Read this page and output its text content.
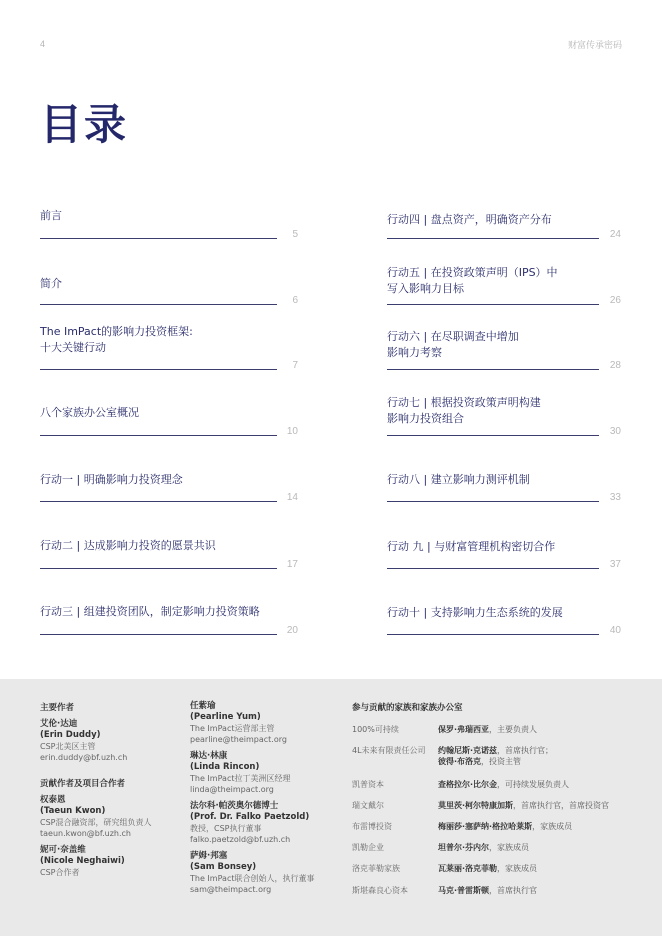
4	财富传承密码
目录
前言
5
简介
6
The ImPact的影响力投资框架:
十大关键行动
7
八个家族办公室概况
10
行动一 | 明确影响力投资理念
14
行动二 | 达成影响力投资的愿景共识
17
行动三 | 组建投资团队，制定影响力投资策略
20
行动四 | 盘点资产，明确资产分布
24
行动五 | 在投资政策声明（IPS）中
写入影响力目标
26
行动六 | 在尽职调查中增加
影响力考察
28
行动七 | 根据投资政策声明构建
影响力投资组合
30
行动八 | 建立影响力测评机制
33
行动 九 | 与财富管理机构密切合作
37
行动十 | 支持影响力生态系统的发展
40
主要作者
艾伦·达迪
(Erin Duddy)
CSP北美区主管
erin.duddy@bf.uzh.ch
贡献作者及项目合作者
权泰恩
(Taeun Kwon)
CSP混合融资部，研究组负责人
taeun.kwon@bf.uzh.ch
妮可·奈盖维
(Nicole Neghaiwi)
CSP合作者
任紫瑜
(Pearline Yum)
The ImPact运营部主管
pearline@theimpact.org
琳达·林康
(Linda Rincon)
The ImPact拉丁美洲区经理
linda@theimpact.org
法尔科·帕茨奥尔德博士
(Prof. Dr. Falko Paetzold)
教授，CSP执行董事
falko.paetzold@bf.uzh.ch
萨姆·邦塞
(Sam Bonsey)
The ImPact联合创始人，执行董事
sam@theimpact.org
参与贡献的家族和家族办公室
100%可持续	保罗·弗瑞西亚，主要负责人
4L未来有限责任公司 约翰尼斯·克诺兹，首席执行官；
彼得·布洛克，投资主管
凯普资本	查格拉尔·比尔金，可持续发展负责人
瑞文戴尔	莫里茨·柯尔特康加斯，首席执行官，首席投资官
布雷博投资	梅丽莎·塞萨纳·格拉哈莱斯，家族成员
凯勒企业	坦普尔·芬内尔，家族成员
洛克菲勒家族	瓦莱丽·洛克菲勒，家族成员
斯堪森良心资本	马克·普雷斯顿，首席执行官
